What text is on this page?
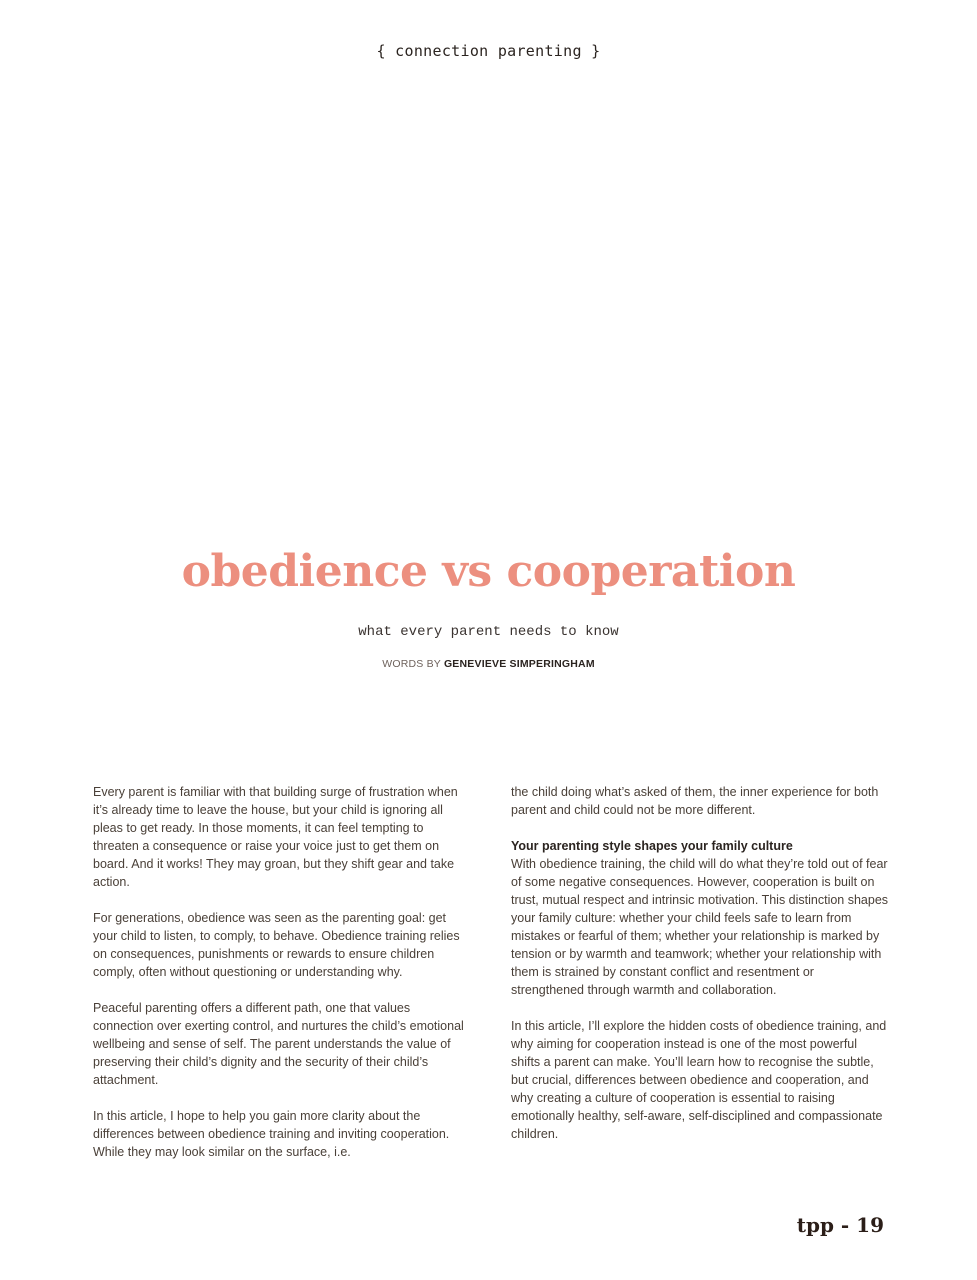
{ connection parenting }
obedience vs cooperation
what every parent needs to know
WORDS BY GENEVIEVE SIMPERINGHAM

Every parent is familiar with that building surge of frustration when it’s already time to leave the house, but your child is ignoring all pleas to get ready. In those moments, it can feel tempting to threaten a consequence or raise your voice just to get them on board. And it works! They may groan, but they shift gear and take action.

For generations, obedience was seen as the parenting goal: get your child to listen, to comply, to behave. Obedience training relies on consequences, punishments or rewards to ensure children comply, often without questioning or understanding why.

Peaceful parenting offers a different path, one that values connection over exerting control, and nurtures the child’s emotional wellbeing and sense of self. The parent understands the value of preserving their child’s dignity and the security of their child’s attachment.

In this article, I hope to help you gain more clarity about the differences between obedience training and inviting cooperation. While they may look similar on the surface, i.e.

the child doing what’s asked of them, the inner experience for both parent and child could not be more different.

Your parenting style shapes your family culture

With obedience training, the child will do what they’re told out of fear of some negative consequences. However, cooperation is built on trust, mutual respect and intrinsic motivation. This distinction shapes your family culture: whether your child feels safe to learn from mistakes or fearful of them; whether your relationship is marked by tension or by warmth and teamwork; whether your relationship with them is strained by constant conflict and resentment or strengthened through warmth and collaboration.

In this article, I’ll explore the hidden costs of obedience training, and why aiming for cooperation instead is one of the most powerful shifts a parent can make. You’ll learn how to recognise the subtle, but crucial, differences between obedience and cooperation, and why creating a culture of cooperation is essential to raising emotionally healthy, self-aware, self-disciplined and compassionate children.

tpp - 19
